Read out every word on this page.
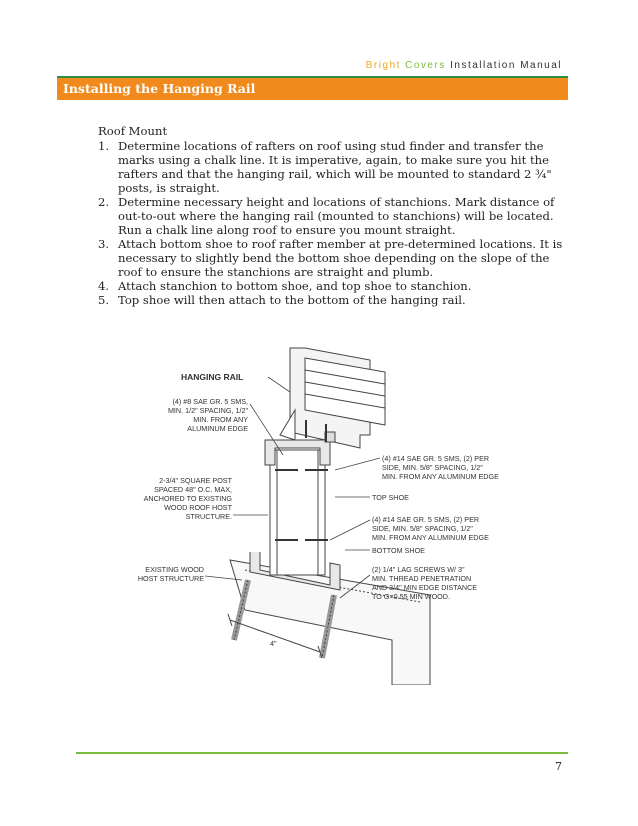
Bright Covers Installation Manual
Installing the Hanging Rail
Roof Mount
1. Determine locations of rafters on roof using stud finder and transfer the marks using a chalk line. It is imperative, again, to make sure you hit the rafters and that the hanging rail, which will be mounted to standard 2 ¾" posts, is straight.
2. Determine necessary height and locations of stanchions. Mark distance of out-to-out where the hanging rail (mounted to stanchions) will be located. Run a chalk line along roof to ensure you mount straight.
3. Attach bottom shoe to roof rafter member at pre-determined locations. It is necessary to slightly bend the bottom shoe depending on the slope of the roof to ensure the stanchions are straight and plumb.
4. Attach stanchion to bottom shoe, and top shoe to stanchion.
5. Top shoe will then attach to the bottom of the hanging rail.
HANGING RAIL
(4) #8 SAE GR. 5 SMS,
MIN. 1/2" SPACING, 1/2"
MIN. FROM ANY
ALUMINUM EDGE
2-3/4" SQUARE POST
SPACED 48" O.C. MAX,
ANCHORED TO EXISTING
WOOD ROOF HOST
STRUCTURE.
(4) #14 SAE GR. 5 SMS, (2) PER
SIDE, MIN. 5/8" SPACING, 1/2"
MIN. FROM ANY ALUMINUM EDGE
TOP SHOE
(4) #14 SAE GR. 5 SMS, (2) PER
SIDE, MIN. 5/8" SPACING, 1/2"
MIN. FROM ANY ALUMINUM EDGE
BOTTOM SHOE
EXISTING WOOD
HOST STRUCTURE
(2) 1/4" LAG SCREWS W/ 3"
MIN. THREAD PENETRATION
AND 3/4" MIN EDGE DISTANCE
TO G=0.55 MIN WOOD.
4"
7
